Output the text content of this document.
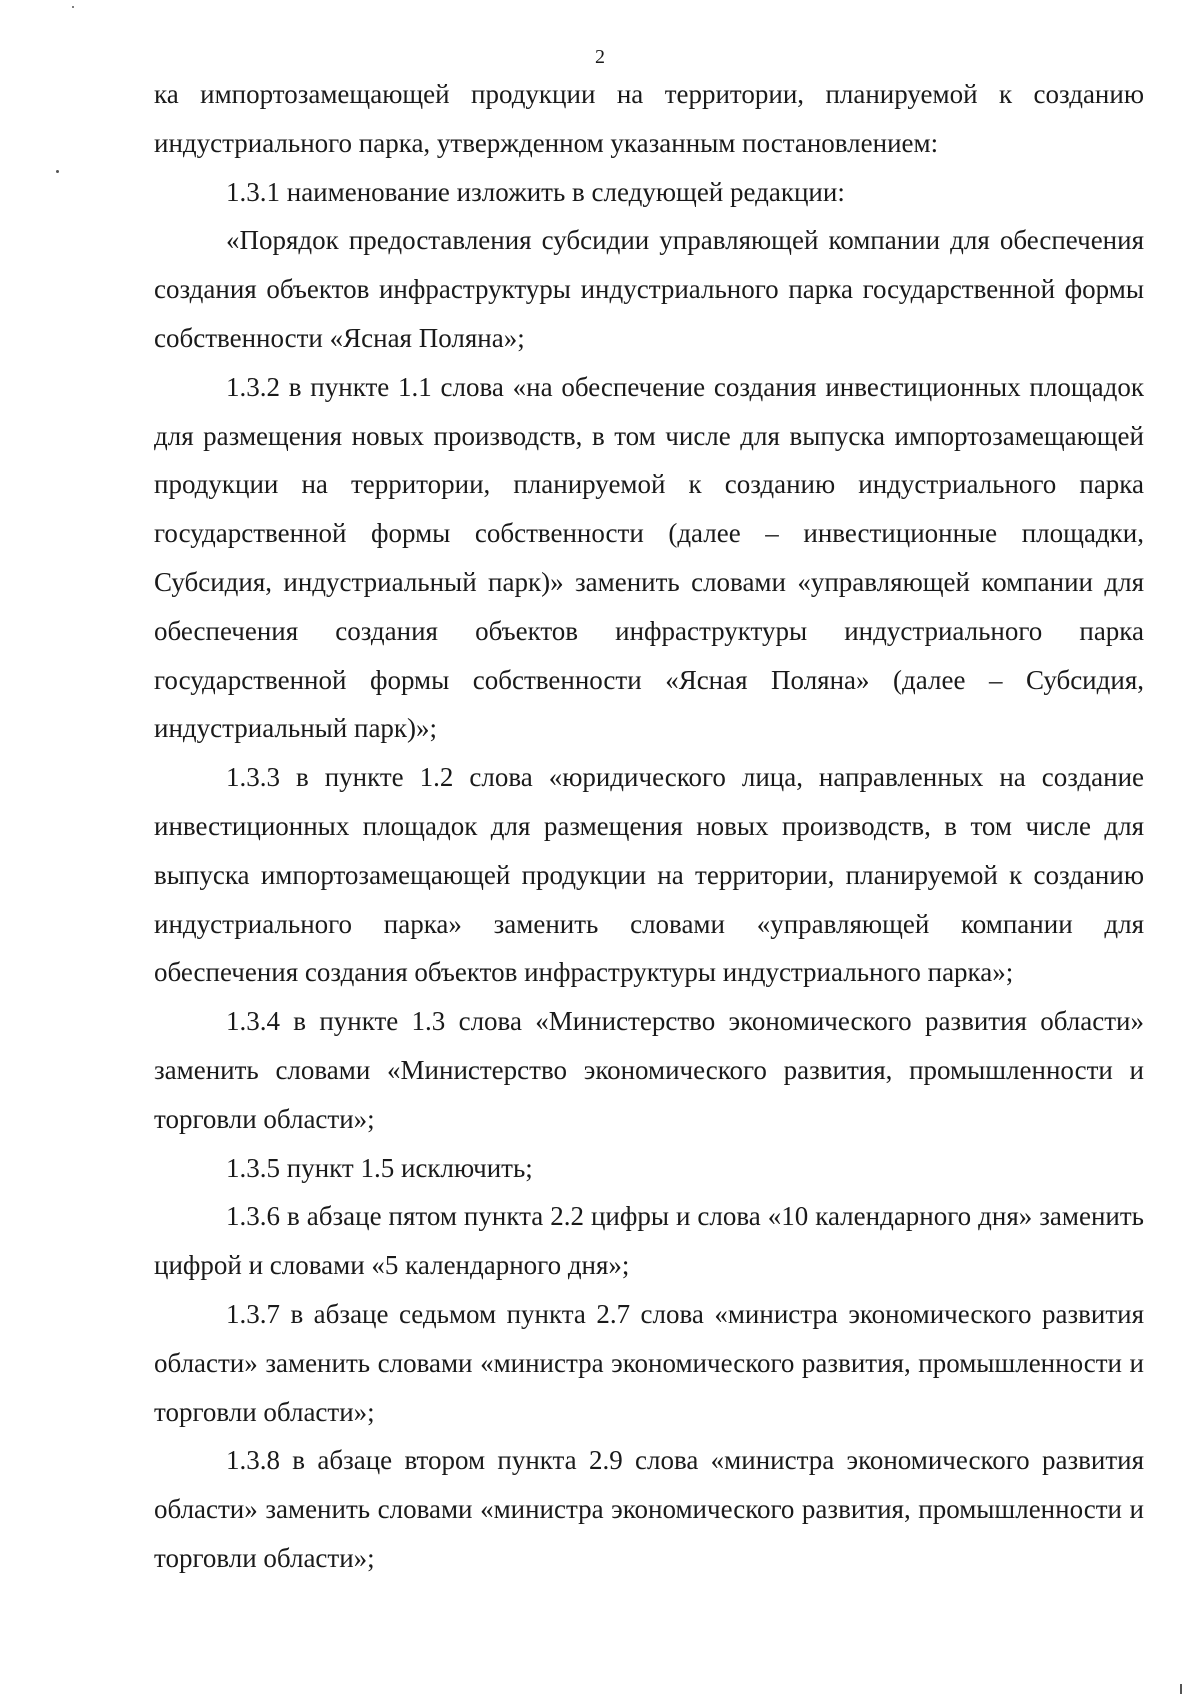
2

ка импортозамещающей продукции на территории, планируемой к созданию индустриального парка, утвержденном указанным постановлением:

1.3.1 наименование изложить в следующей редакции:

«Порядок предоставления субсидии управляющей компании для обеспечения создания объектов инфраструктуры индустриального парка государственной формы собственности «Ясная Поляна»;

1.3.2 в пункте 1.1 слова «на обеспечение создания инвестиционных площадок для размещения новых производств, в том числе для выпуска импортозамещающей продукции на территории, планируемой к созданию индустриального парка государственной формы собственности (далее – инвестиционные площадки, Субсидия, индустриальный парк)» заменить словами «управляющей компании для обеспечения создания объектов инфраструктуры индустриального парка государственной формы собственности «Ясная Поляна» (далее – Субсидия, индустриальный парк)»;

1.3.3 в пункте 1.2 слова «юридического лица, направленных на создание инвестиционных площадок для размещения новых производств, в том числе для выпуска импортозамещающей продукции на территории, планируемой к созданию индустриального парка» заменить словами «управляющей компании для обеспечения создания объектов инфраструктуры индустриального парка»;

1.3.4 в пункте 1.3 слова «Министерство экономического развития области» заменить словами «Министерство экономического развития, промышленности и торговли области»;

1.3.5 пункт 1.5 исключить;

1.3.6 в абзаце пятом пункта 2.2 цифры и слова «10 календарного дня» заменить цифрой и словами «5 календарного дня»;

1.3.7 в абзаце седьмом пункта 2.7 слова «министра экономического развития области» заменить словами «министра экономического развития, промышленности и торговли области»;

1.3.8 в абзаце втором пункта 2.9 слова «министра экономического развития области» заменить словами «министра экономического развития, промышленности и торговли области»;
